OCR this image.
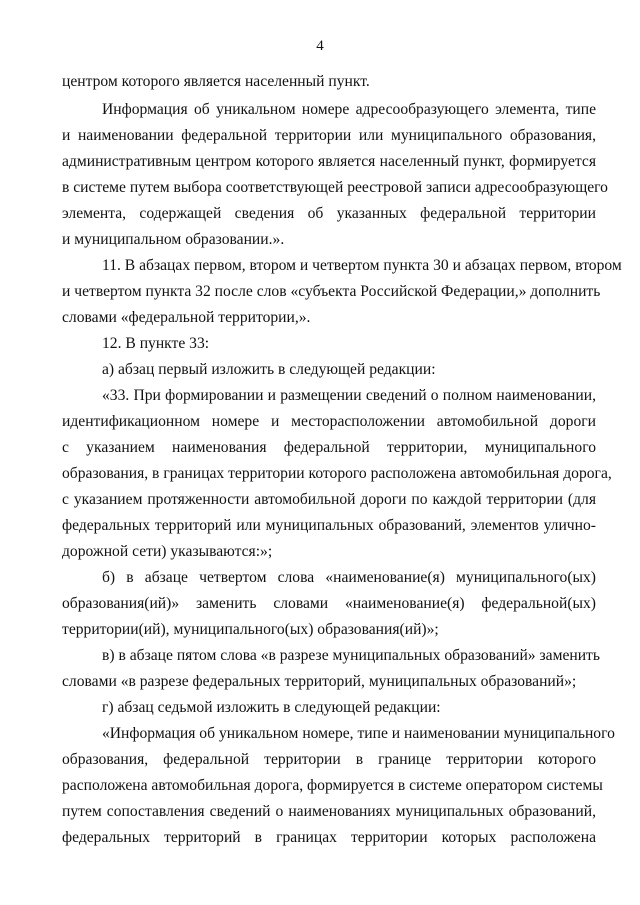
4
центром которого является населенный пункт.
Информация об уникальном номере адресообразующего элемента, типе
и наименовании федеральной территории или муниципального образования,
административным центром которого является населенный пункт, формируется
в системе путем выбора соответствующей реестровой записи адресообразующего
элемента, содержащей сведения об указанных федеральной территории
и муниципальном образовании.».
11. В абзацах первом, втором и четвертом пункта 30 и абзацах первом, втором
и четвертом пункта 32 после слов «субъекта Российской Федерации,» дополнить
словами «федеральной территории,».
12. В пункте 33:
а) абзац первый изложить в следующей редакции:
«33. При формировании и размещении сведений о полном наименовании,
идентификационном номере и месторасположении автомобильной дороги
с указанием наименования федеральной территории, муниципального
образования, в границах территории которого расположена автомобильная дорога,
с указанием протяженности автомобильной дороги по каждой территории (для
федеральных территорий или муниципальных образований, элементов улично-
дорожной сети) указываются:»;
б) в абзаце четвертом слова «наименование(я) муниципального(ых)
образования(ий)» заменить словами «наименование(я) федеральной(ых)
территории(ий), муниципального(ых) образования(ий)»;
в) в абзаце пятом слова «в разрезе муниципальных образований» заменить
словами «в разрезе федеральных территорий, муниципальных образований»;
г) абзац седьмой изложить в следующей редакции:
«Информация об уникальном номере, типе и наименовании муниципального
образования, федеральной территории в границе территории которого
расположена автомобильная дорога, формируется в системе оператором системы
путем сопоставления сведений о наименованиях муниципальных образований,
федеральных территорий в границах территории которых расположена
